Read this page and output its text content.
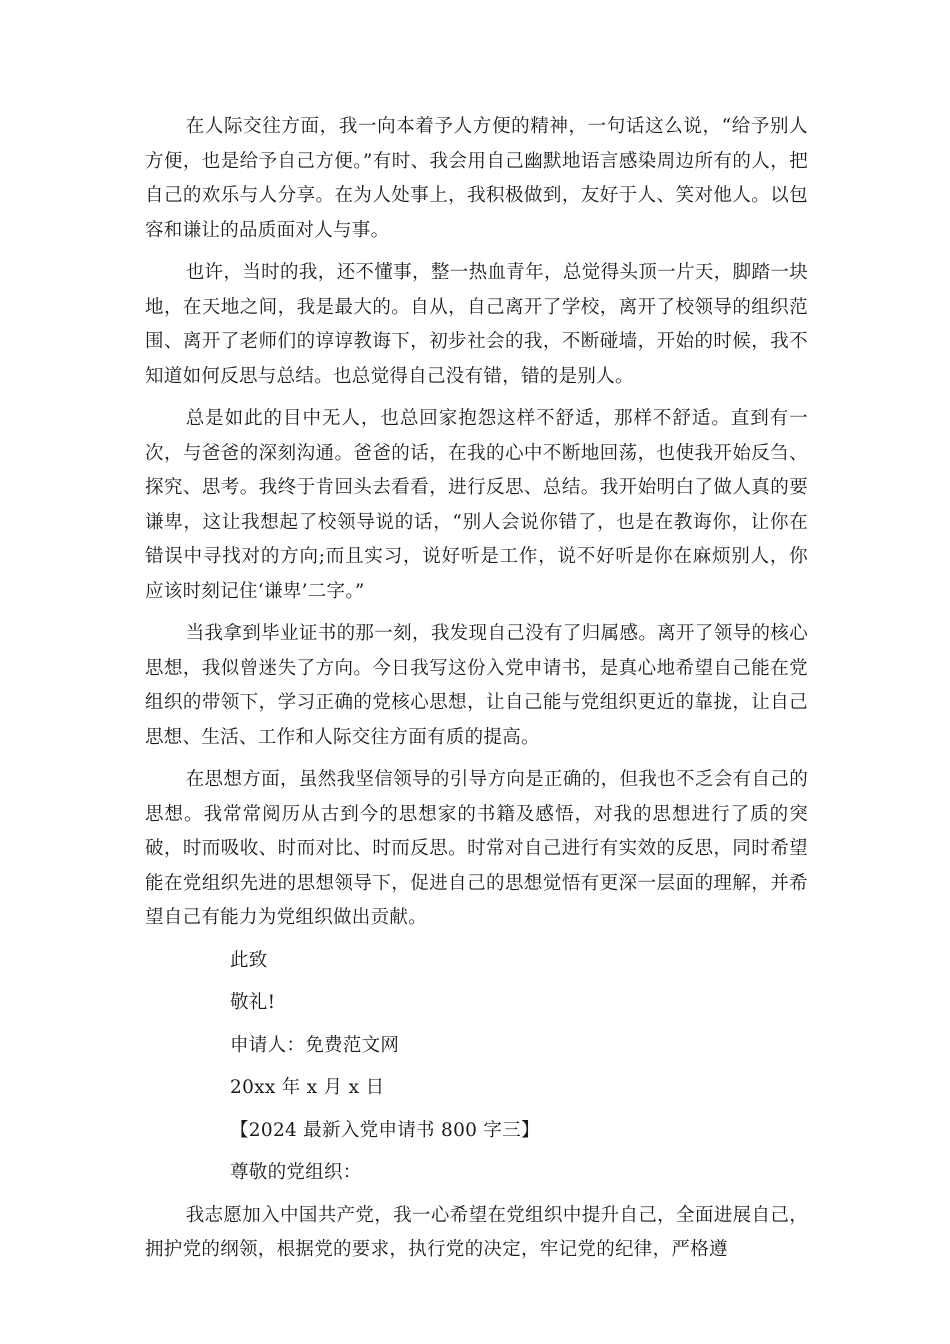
在人际交往方面，我一向本着予人方便的精神，一句话这么说，“给予别人方便，也是给予自己方便。”有时、我会用自己幽默地语言感染周边所有的人，把自己的欢乐与人分享。在为人处事上，我积极做到，友好于人、笑对他人。以包容和谦让的品质面对人与事。

也许，当时的我，还不懂事，整一热血青年，总觉得头顶一片天，脚踏一块地，在天地之间，我是最大的。自从，自己离开了学校，离开了校领导的组织范围、离开了老师们的谆谆教诲下，初步社会的我，不断碰墙，开始的时候，我不知道如何反思与总结。也总觉得自己没有错，错的是别人。

总是如此的目中无人，也总回家抱怨这样不舒适，那样不舒适。直到有一次，与爸爸的深刻沟通。爸爸的话，在我的心中不断地回荡，也使我开始反刍、探究、思考。我终于肯回头去看看，进行反思、总结。我开始明白了做人真的要谦卑，这让我想起了校领导说的话，“别人会说你错了，也是在教诲你，让你在错误中寻找对的方向;而且实习，说好听是工作，说不好听是你在麻烦别人，你应该时刻记住‘谦卑’二字。”

当我拿到毕业证书的那一刻，我发现自己没有了归属感。离开了领导的核心思想，我似曾迷失了方向。今日我写这份入党申请书，是真心地希望自己能在党组织的带领下，学习正确的党核心思想，让自己能与党组织更近的靠拢，让自己思想、生活、工作和人际交往方面有质的提高。

在思想方面，虽然我坚信领导的引导方向是正确的，但我也不乏会有自己的思想。我常常阅历从古到今的思想家的书籍及感悟，对我的思想进行了质的突破，时而吸收、时而对比、时而反思。时常对自己进行有实效的反思，同时希望能在党组织先进的思想领导下，促进自己的思想觉悟有更深一层面的理解，并希望自己有能力为党组织做出贡献。

此致

敬礼!

申请人：免费范文网

20xx 年 x 月 x 日

【2024 最新入党申请书 800 字三】

尊敬的党组织：

我志愿加入中国共产党，我一心希望在党组织中提升自己，全面进展自己，拥护党的纲领，根据党的要求，执行党的决定，牢记党的纪律，严格遵
